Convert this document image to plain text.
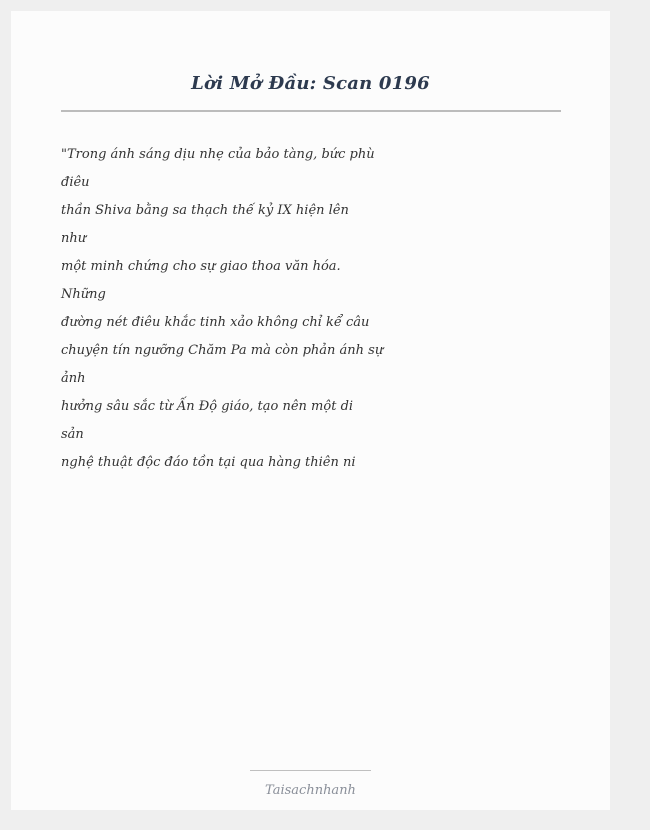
Lời Mở Đầu: Scan 0196
"Trong ánh sáng dịu nhẹ của bảo tàng, bức phù
điêu
thần Shiva bằng sa thạch thế kỷ IX hiện lên
như
một minh chứng cho sự giao thoa văn hóa.
Những
đường nét điêu khắc tinh xảo không chỉ kể câu
chuyện tín ngưỡng Chăm Pa mà còn phản ánh sự
ảnh
hưởng sâu sắc từ Ấn Độ giáo, tạo nên một di
sản
nghệ thuật độc đáo tồn tại qua hàng thiên ni
Taisachnhanh
